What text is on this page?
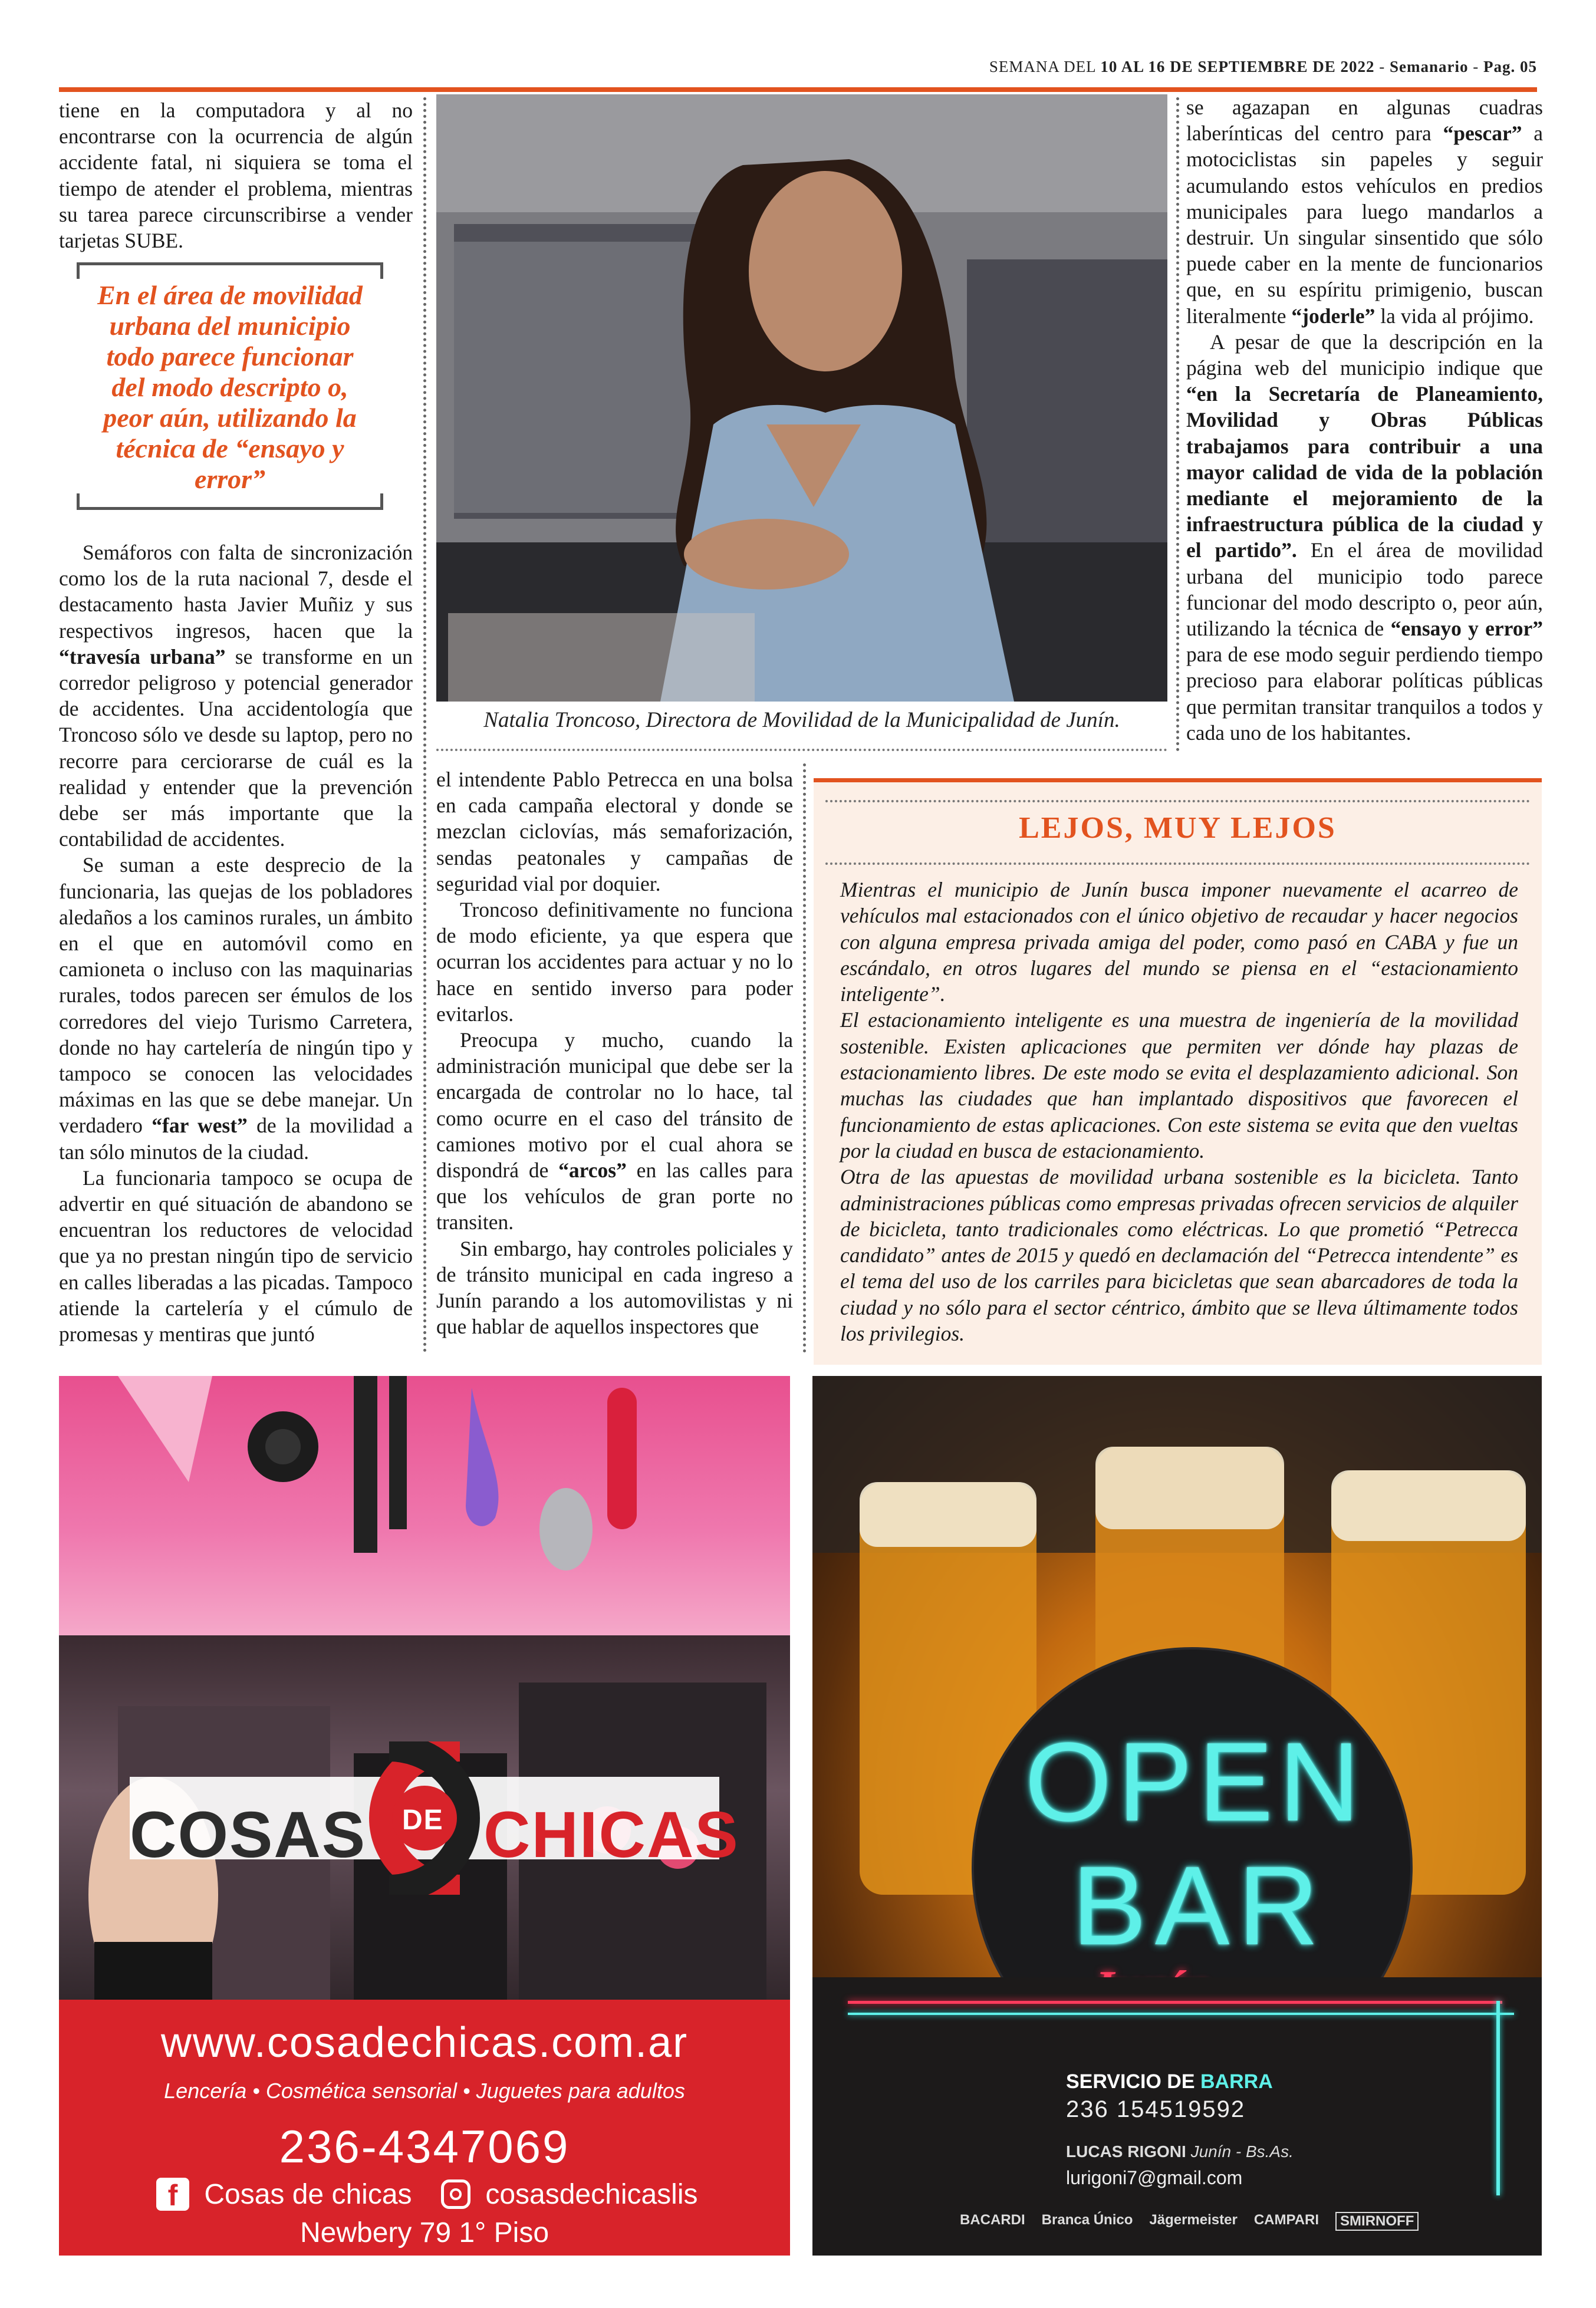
SEMANA DEL 10 AL 16 DE SEPTIEMBRE DE 2022 - Semanario - Pag. 05

tiene en la computadora y al no encontrarse con la ocurrencia de algún accidente fatal, ni siquiera se toma el tiempo de atender el problema, mientras su tarea parece circunscribirse a vender tarjetas SUBE.

En el área de movilidad urbana del municipio todo parece funcionar del modo descripto o, peor aún, utilizando la técnica de “ensayo y error”

Semáforos con falta de sincronización como los de la ruta nacional 7, desde el destacamento hasta Javier Muñiz y sus respectivos ingresos, hacen que la “travesía urbana” se transforme en un corredor peligroso y potencial generador de accidentes. Una accidentología que Troncoso sólo ve desde su laptop, pero no recorre para cerciorarse de cuál es la realidad y entender que la prevención debe ser más importante que la contabilidad de accidentes.

Se suman a este desprecio de la funcionaria, las quejas de los pobladores aledaños a los caminos rurales, un ámbito en el que en automóvil como en camioneta o incluso con las maquinarias rurales, todos parecen ser émulos de los corredores del viejo Turismo Carretera, donde no hay cartelería de ningún tipo y tampoco se conocen las velocidades máximas en las que se debe manejar. Un verdadero “far west” de la movilidad a tan sólo minutos de la ciudad.

La funcionaria tampoco se ocupa de advertir en qué situación de abandono se encuentran los reductores de velocidad que ya no prestan ningún tipo de servicio en calles liberadas a las picadas. Tampoco atiende la cartelería y el cúmulo de promesas y mentiras que juntó

Natalia Troncoso, Directora de Movilidad de la Municipalidad de Junín.

el intendente Pablo Petrecca en una bolsa en cada campaña electoral y donde se mezclan ciclovías, más semaforización, sendas peatonales y campañas de seguridad vial por doquier.

Troncoso definitivamente no funciona de modo eficiente, ya que espera que ocurran los accidentes para actuar y no lo hace en sentido inverso para poder evitarlos.

Preocupa y mucho, cuando la administración municipal que debe ser la encargada de controlar no lo hace, tal como ocurre en el caso del tránsito de camiones motivo por el cual ahora se dispondrá de “arcos” en las calles para que los vehículos de gran porte no transiten.

Sin embargo, hay controles policiales y de tránsito municipal en cada ingreso a Junín parando a los automovilistas y ni que hablar de aquellos inspectores que

se agazapan en algunas cuadras laberínticas del centro para “pescar” a motociclistas sin papeles y seguir acumulando estos vehículos en predios municipales para luego mandarlos a destruir. Un singular sinsentido que sólo puede caber en la mente de funcionarios que, en su espíritu primigenio, buscan literalmente “joderle” la vida al prójimo.

A pesar de que la descripción en la página web del municipio indique que “en la Secretaría de Planeamiento, Movilidad y Obras Públicas trabajamos para contribuir a una mayor calidad de vida de la población mediante el mejoramiento de la infraestructura pública de la ciudad y el partido”. En el área de movilidad urbana del municipio todo parece funcionar del modo descripto o, peor aún, utilizando la técnica de “ensayo y error” para de ese modo seguir perdiendo tiempo precioso para elaborar políticas públicas que permitan transitar tranquilos a todos y cada uno de los habitantes.

LEJOS, MUY LEJOS

Mientras el municipio de Junín busca imponer nuevamente el acarreo de vehículos mal estacionados con el único objetivo de recaudar y hacer negocios con alguna empresa privada amiga del poder, como pasó en CABA y fue un escándalo, en otros lugares del mundo se piensa en el “estacionamiento inteligente”.

El estacionamiento inteligente es una muestra de ingeniería de la movilidad sostenible. Existen aplicaciones que permiten ver dónde hay plazas de estacionamiento libres. De este modo se evita el desplazamiento adicional. Son muchas las ciudades que han implantado dispositivos que favorecen el funcionamiento de estas aplicaciones. Con este sistema se evita que den vueltas por la ciudad en busca de estacionamiento.

Otra de las apuestas de movilidad urbana sostenible es la bicicleta. Tanto administraciones públicas como empresas privadas ofrecen servicios de alquiler de bicicleta, tanto tradicionales como eléctricas. Lo que prometió “Petrecca candidato” antes de 2015 y quedó en declamación del “Petrecca intendente” es el tema del uso de los carriles para bicicletas que sean abarcadores de toda la ciudad y no sólo para el sector céntrico, ámbito que se lleva últimamente todos los privilegios.

COSAS DE CHICAS
www.cosadechicas.com.ar
Lencería • Cosmética sensorial • Juguetes para adultos
236-4347069
f Cosas de chicas	cosasdechicaslis
Newbery 79 1° Piso
OPEN
BAR
SERVICIO DE BARRA
236 154519592
LUCAS RIGONI Junín - Bs.As.
lurigoni7@gmail.com
BACARDI Branca Único Jägermeister CAMPARI	SMIRNOFF
